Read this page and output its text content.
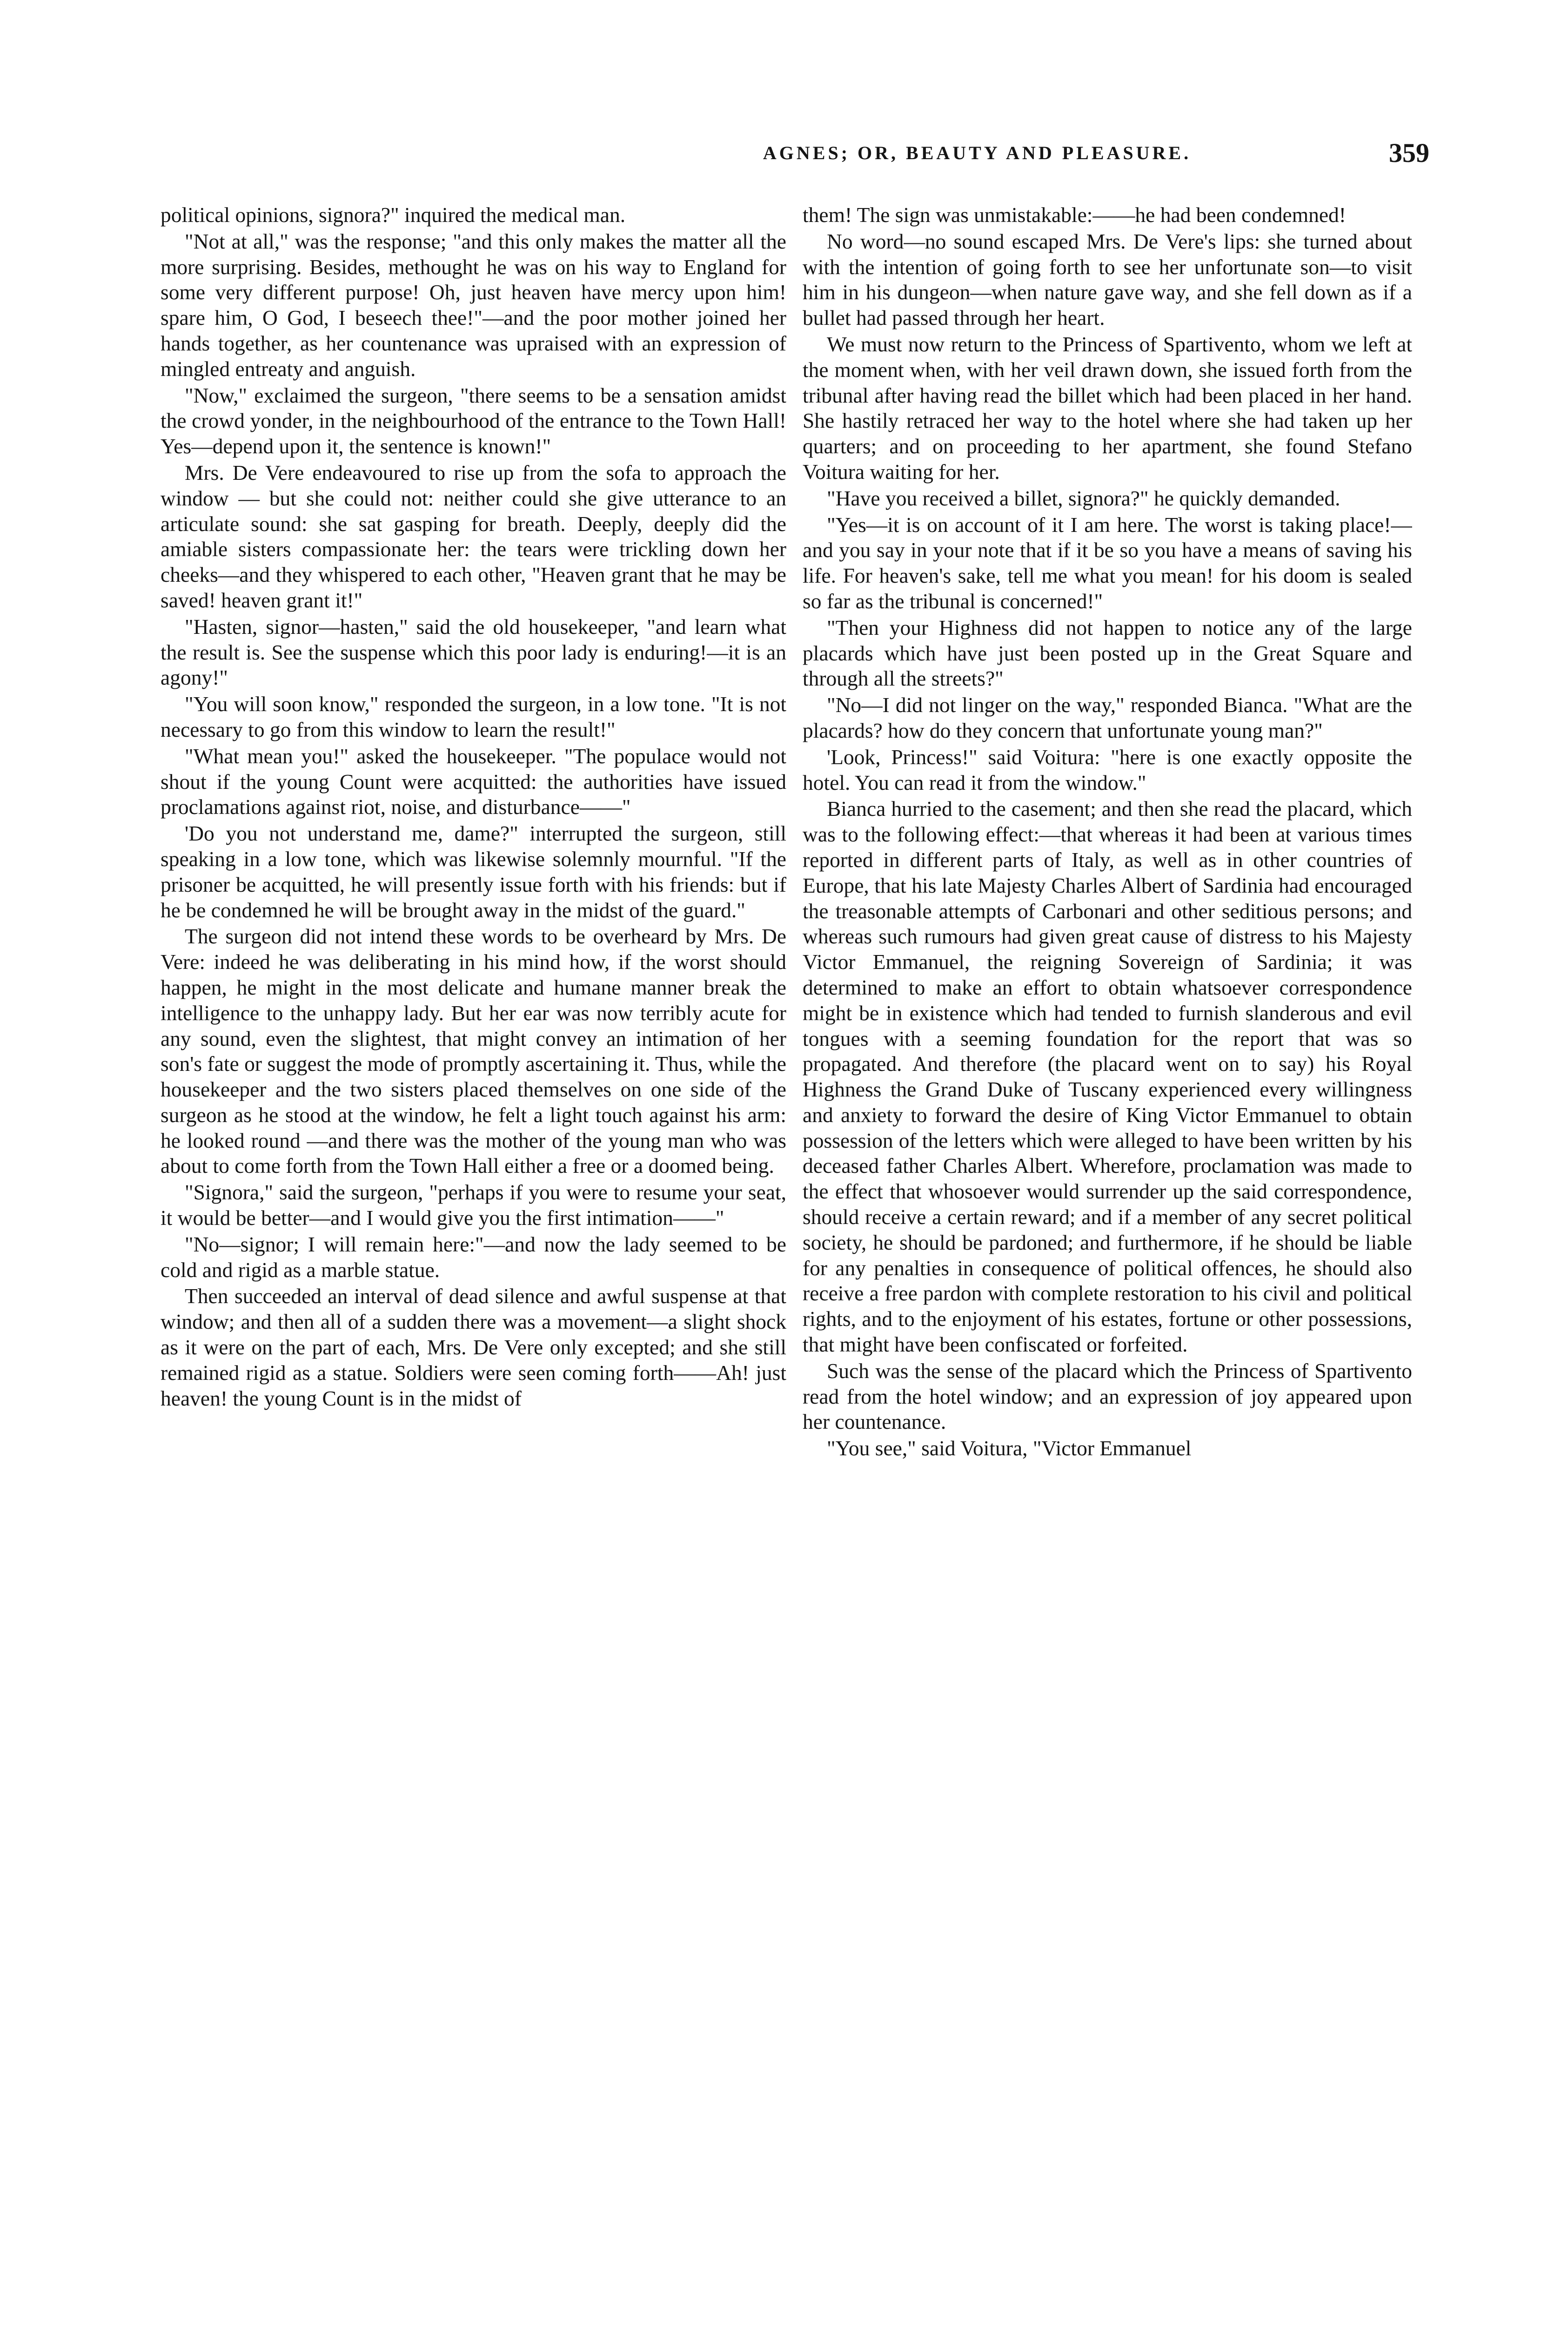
AGNES; OR, BEAUTY AND PLEASURE.	359

political opinions, signora?" inquired the medical man.

"Not at all," was the response; "and this only makes the matter all the more surprising. Besides, methought he was on his way to England for some very different purpose! Oh, just heaven have mercy upon him! spare him, O God, I beseech thee!"—and the poor mother joined her hands together, as her countenance was upraised with an expression of mingled entreaty and anguish.

"Now," exclaimed the surgeon, "there seems to be a sensation amidst the crowd yonder, in the neighbourhood of the entrance to the Town Hall! Yes—depend upon it, the sentence is known!"

Mrs. De Vere endeavoured to rise up from the sofa to approach the window — but she could not: neither could she give utterance to an articulate sound: she sat gasping for breath. Deeply, deeply did the amiable sisters compassionate her: the tears were trickling down her cheeks—and they whispered to each other, "Heaven grant that he may be saved! heaven grant it!"

"Hasten, signor—hasten," said the old housekeeper, "and learn what the result is. See the suspense which this poor lady is enduring!—it is an agony!"

"You will soon know," responded the surgeon, in a low tone. "It is not necessary to go from this window to learn the result!"

"What mean you!" asked the housekeeper. "The populace would not shout if the young Count were acquitted: the authorities have issued proclamations against riot, noise, and disturbance——"

'Do you not understand me, dame?" interrupted the surgeon, still speaking in a low tone, which was likewise solemnly mournful. "If the prisoner be acquitted, he will presently issue forth with his friends: but if he be condemned he will be brought away in the midst of the guard."

The surgeon did not intend these words to be overheard by Mrs. De Vere: indeed he was deliberating in his mind how, if the worst should happen, he might in the most delicate and humane manner break the intelligence to the unhappy lady. But her ear was now terribly acute for any sound, even the slightest, that might convey an intimation of her son's fate or suggest the mode of promptly ascertaining it. Thus, while the housekeeper and the two sisters placed themselves on one side of the surgeon as he stood at the window, he felt a light touch against his arm: he looked round —and there was the mother of the young man who was about to come forth from the Town Hall either a free or a doomed being.

"Signora," said the surgeon, "perhaps if you were to resume your seat, it would be better—and I would give you the first intimation——"

"No—signor; I will remain here:"—and now the lady seemed to be cold and rigid as a marble statue.

Then succeeded an interval of dead silence and awful suspense at that window; and then all of a sudden there was a movement—a slight shock as it were on the part of each, Mrs. De Vere only excepted; and she still remained rigid as a statue. Soldiers were seen coming forth——Ah! just heaven! the young Count is in the midst of

them! The sign was unmistakable:——he had been condemned!

No word—no sound escaped Mrs. De Vere's lips: she turned about with the intention of going forth to see her unfortunate son—to visit him in his dungeon—when nature gave way, and she fell down as if a bullet had passed through her heart.

We must now return to the Princess of Spartivento, whom we left at the moment when, with her veil drawn down, she issued forth from the tribunal after having read the billet which had been placed in her hand. She hastily retraced her way to the hotel where she had taken up her quarters; and on proceeding to her apartment, she found Stefano Voitura waiting for her.

"Have you received a billet, signora?" he quickly demanded.

"Yes—it is on account of it I am here. The worst is taking place!—and you say in your note that if it be so you have a means of saving his life. For heaven's sake, tell me what you mean! for his doom is sealed so far as the tribunal is concerned!"

"Then your Highness did not happen to notice any of the large placards which have just been posted up in the Great Square and through all the streets?"

"No—I did not linger on the way," responded Bianca. "What are the placards? how do they concern that unfortunate young man?"

'Look, Princess!" said Voitura: "here is one exactly opposite the hotel. You can read it from the window."

Bianca hurried to the casement; and then she read the placard, which was to the following effect:—that whereas it had been at various times reported in different parts of Italy, as well as in other countries of Europe, that his late Majesty Charles Albert of Sardinia had encouraged the treasonable attempts of Carbonari and other seditious persons; and whereas such rumours had given great cause of distress to his Majesty Victor Emmanuel, the reigning Sovereign of Sardinia; it was determined to make an effort to obtain whatsoever correspondence might be in existence which had tended to furnish slanderous and evil tongues with a seeming foundation for the report that was so propagated. And therefore (the placard went on to say) his Royal Highness the Grand Duke of Tuscany experienced every willingness and anxiety to forward the desire of King Victor Emmanuel to obtain possession of the letters which were alleged to have been written by his deceased father Charles Albert. Wherefore, proclamation was made to the effect that whosoever would surrender up the said correspondence, should receive a certain reward; and if a member of any secret political society, he should be pardoned; and furthermore, if he should be liable for any penalties in consequence of political offences, he should also receive a free pardon with complete restoration to his civil and political rights, and to the enjoyment of his estates, fortune or other possessions, that might have been confiscated or forfeited.

Such was the sense of the placard which the Princess of Spartivento read from the hotel window; and an expression of joy appeared upon her countenance.

"You see," said Voitura, "Victor Emmanuel
